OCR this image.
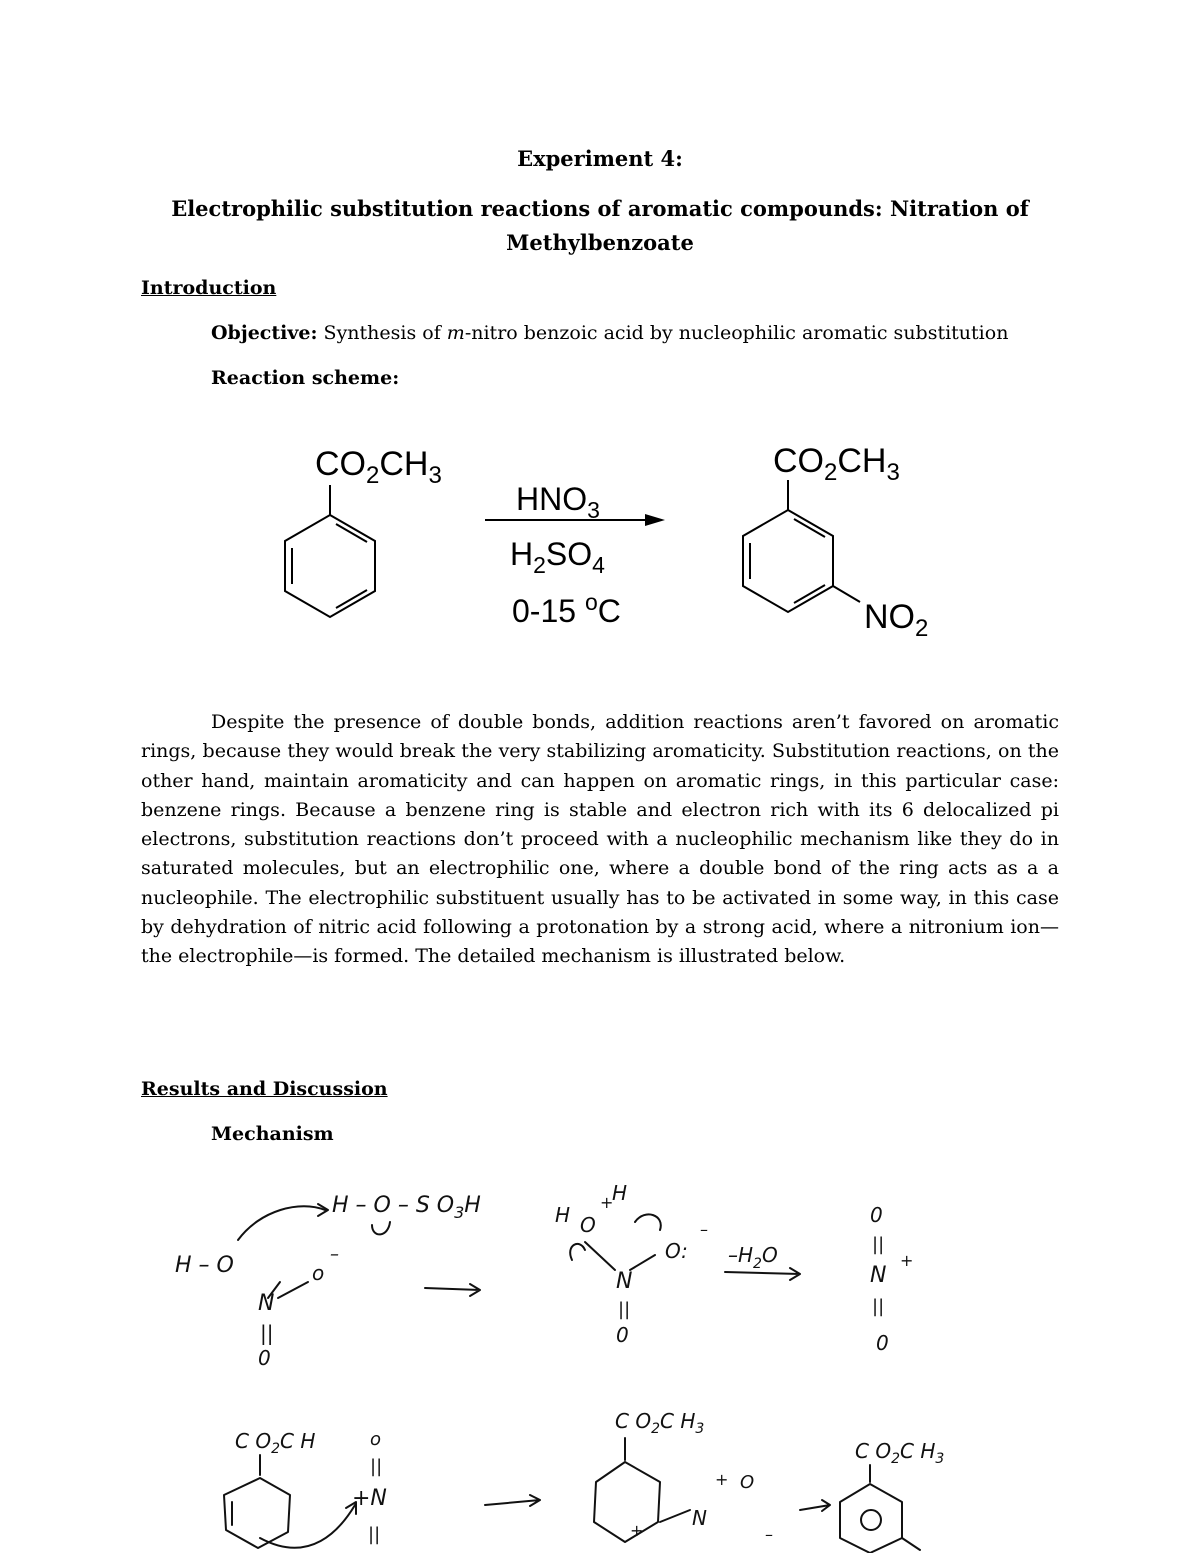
Experiment 4:
Electrophilic substitution reactions of aromatic compounds: Nitration of
Methylbenzoate
Introduction
Objective: Synthesis of m-nitro benzoic acid by nucleophilic aromatic substitution
Reaction scheme:
$CO_2CH_3$
$HNO_3$
$H_2SO_4$
0-15 $^o$C
$CO_2CH_3$
$NO_2$
Despite the presence of double bonds, addition reactions aren’t favored on aromatic rings, because they would break the very stabilizing aromaticity. Substitution reactions, on the other hand, maintain aromaticity and can happen on aromatic rings, in this particular case: benzene rings. Because a benzene ring is stable and electron rich with its 6 delocalized pi electrons, substitution reactions don’t proceed with a nucleophilic mechanism like they do in saturated molecules, but an electrophilic one, where a double bond of the ring acts as a a nucleophile. The electrophilic substituent usually has to be activated in some way, in this case by dehydration of nitric acid following a protonation by a strong acid, where a nitronium ion—the electrophile—is formed. The detailed mechanism is illustrated below.
Results and Discussion
Mechanism
H – O
N
o
–
||
0
H – O – S $O_3H$	H O
+
H
O:
–
N
||
0
$-H_2O$
0
||
N
+
||
0
C $O_2C$ H	o
||
+N
||
C $O_2C$ $H_3$
N
+ O
–
+
C $O_2C$ $H_3$
